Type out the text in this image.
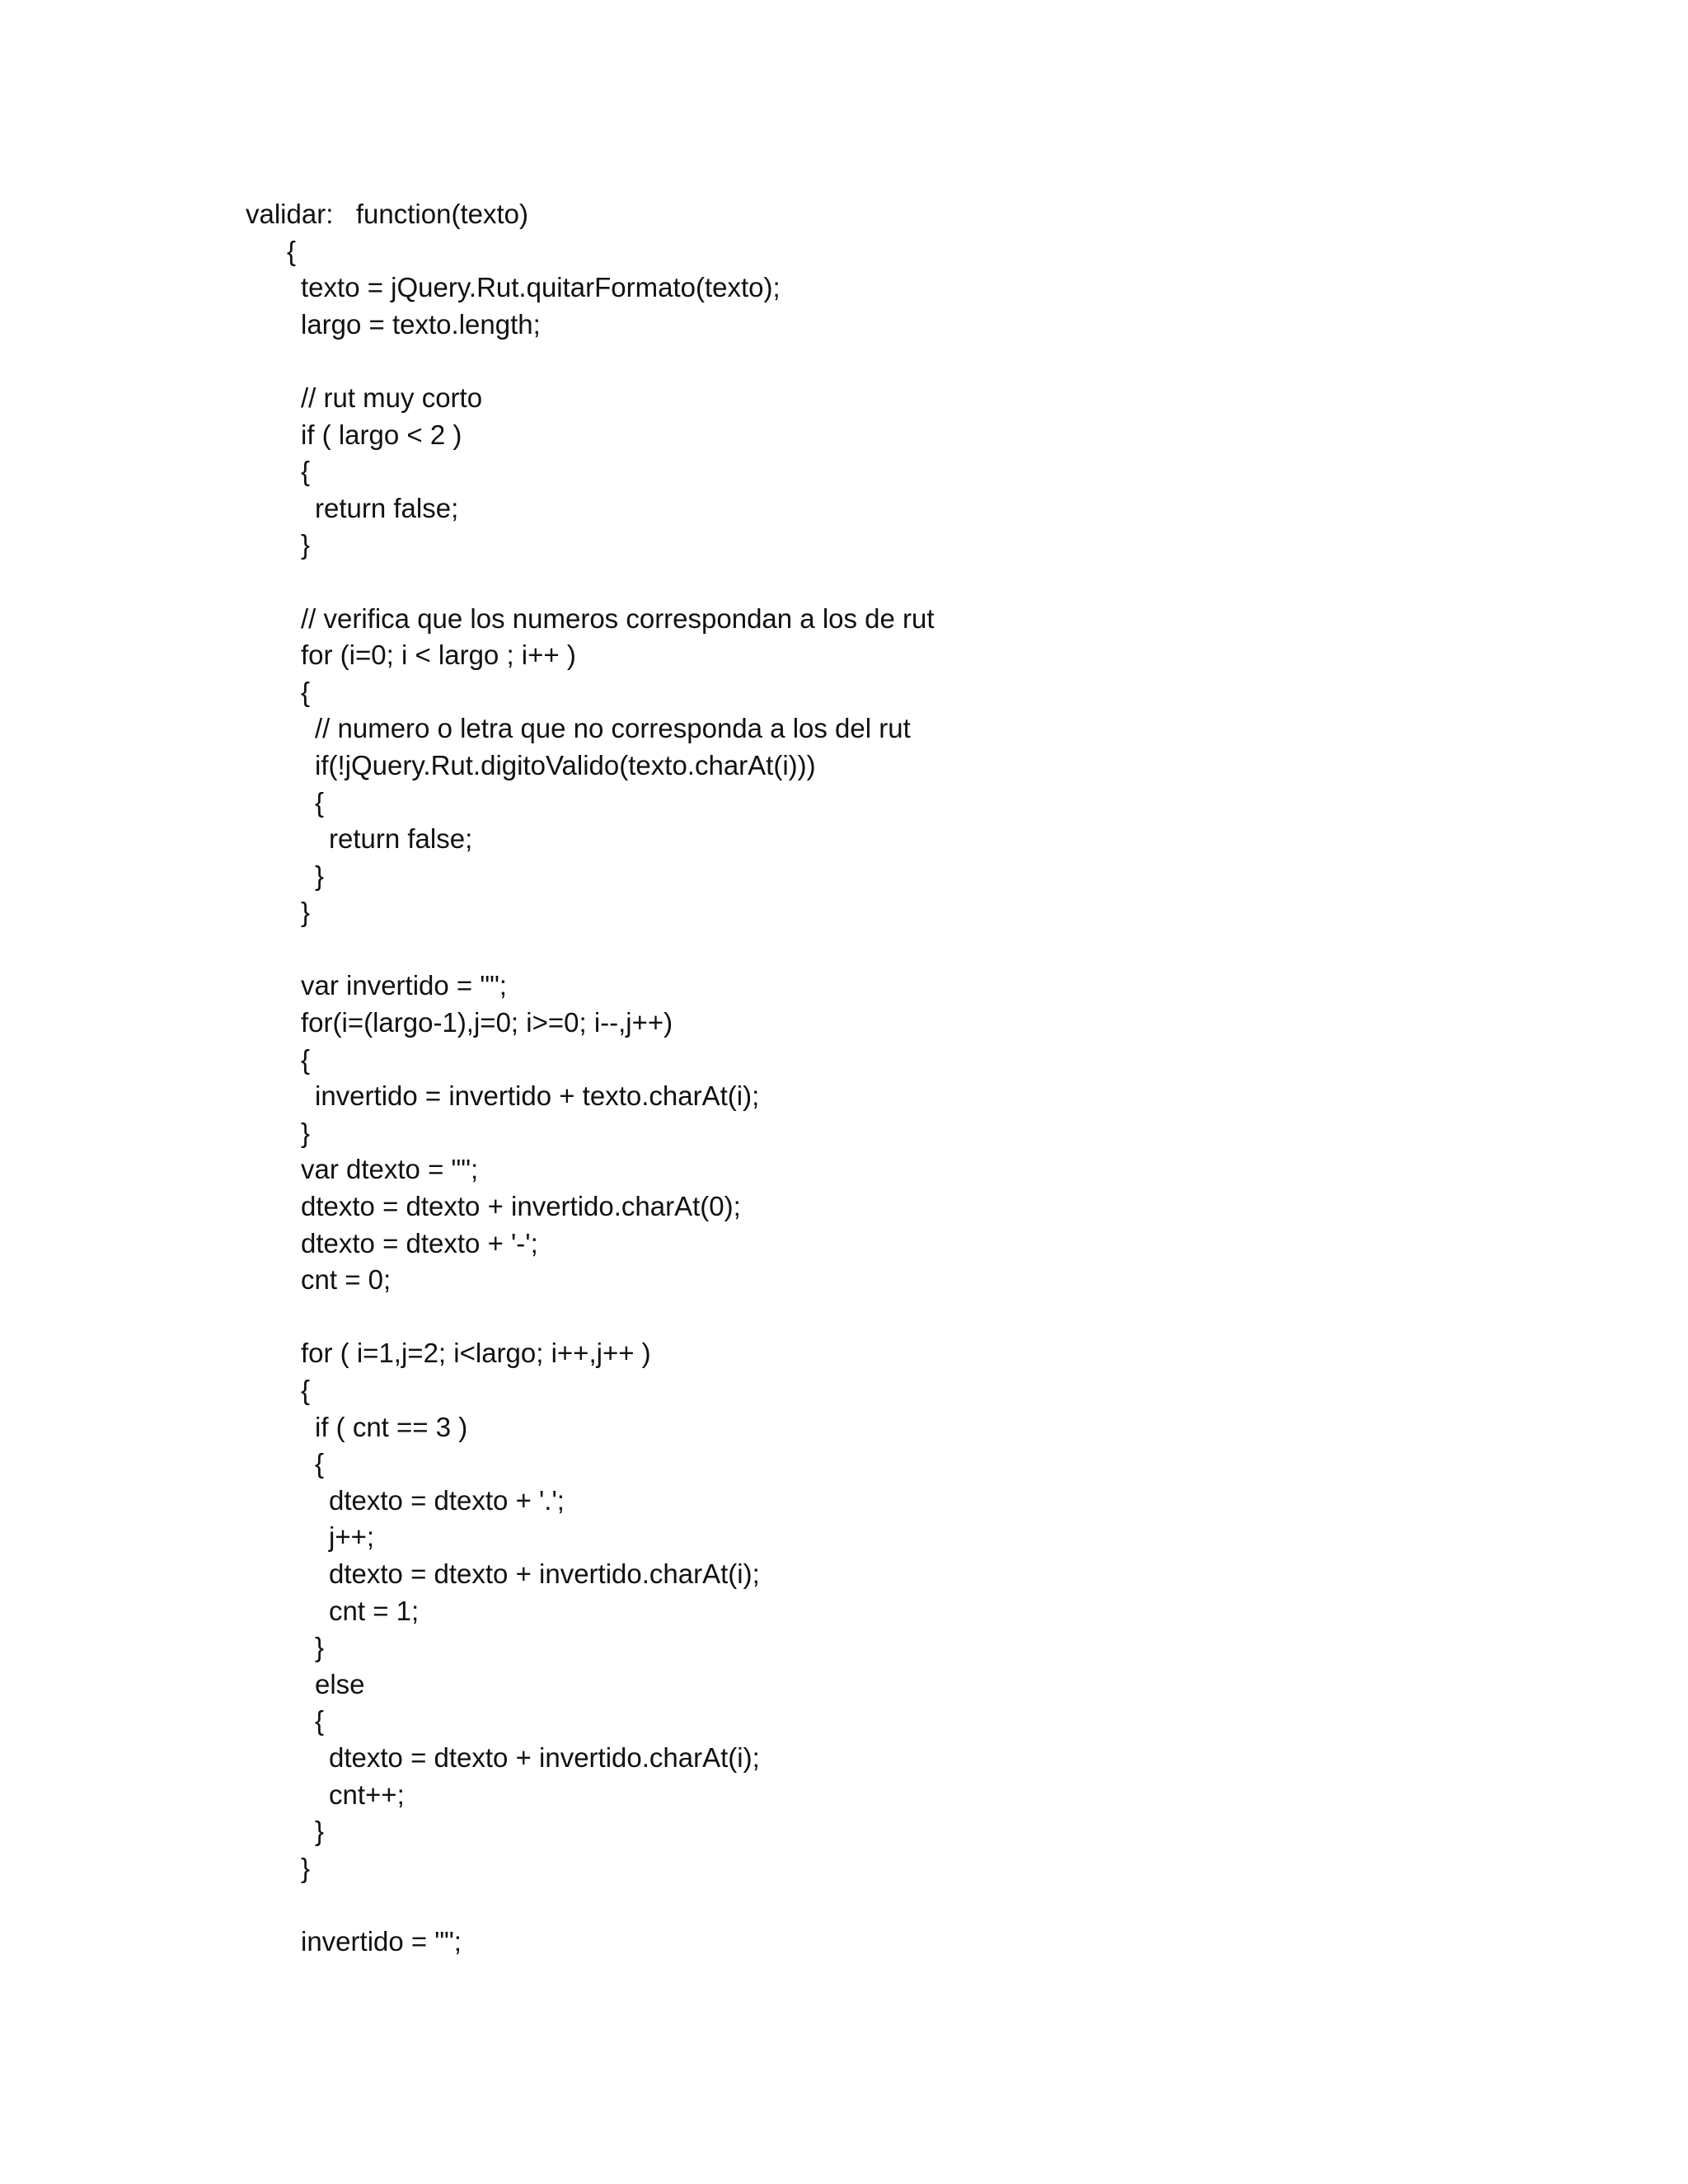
validar:   function(texto)
{
texto = jQuery.Rut.quitarFormato(texto);
largo = texto.length;
// rut muy corto
if ( largo < 2 )
{
return false;
}
// verifica que los numeros correspondan a los de rut
for (i=0; i < largo ; i++ )
{
// numero o letra que no corresponda a los del rut
if(!jQuery.Rut.digitoValido(texto.charAt(i)))
{
return false;
}
}
var invertido = "";
for(i=(largo-1),j=0; i>=0; i--,j++)
{
invertido = invertido + texto.charAt(i);
}
var dtexto = "";
dtexto = dtexto + invertido.charAt(0);
dtexto = dtexto + '-';
cnt = 0;
for ( i=1,j=2; i<largo; i++,j++ )
{
if ( cnt == 3 )
{
dtexto = dtexto + '.';
j++;
dtexto = dtexto + invertido.charAt(i);
cnt = 1;
}
else
{
dtexto = dtexto + invertido.charAt(i);
cnt++;
}
}
invertido = "";
